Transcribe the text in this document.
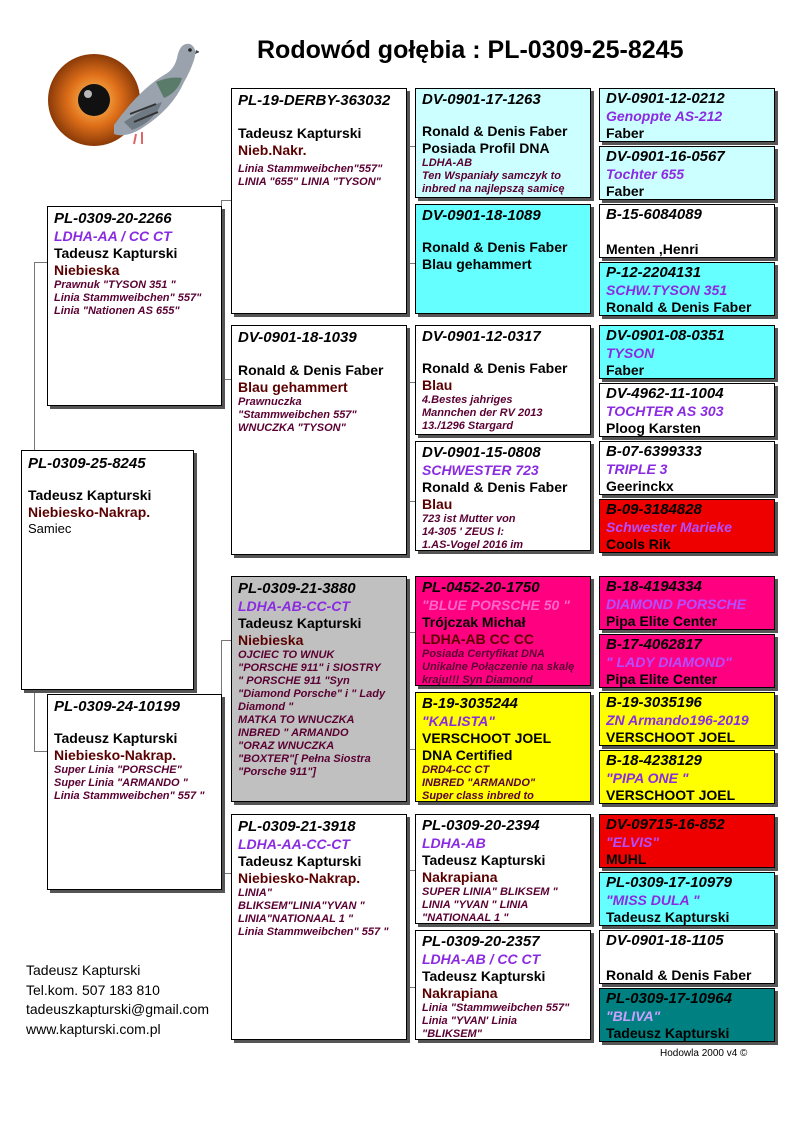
Rodowód gołębia : PL-0309-25-8245
PL-0309-25-8245
Tadeusz Kapturski
Niebiesko-Nakrap.
Samiec
PL-0309-20-2266
LDHA-AA / CC CT
Tadeusz Kapturski
Niebieska
Prawnuk "TYSON 351 "
Linia Stammweibchen" 557"
Linia "Nationen AS 655"
PL-0309-24-10199
Tadeusz Kapturski
Niebiesko-Nakrap.
Super Linia "PORSCHE"
Super Linia "ARMANDO "
Linia Stammweibchen" 557 "
PL-19-DERBY-363032
Tadeusz Kapturski
Nieb.Nakr.
Linia Stammweibchen"557"
LINIA "655" LINIA "TYSON"
DV-0901-18-1039
Ronald & Denis Faber
Blau gehammert
Prawnuczka
"Stammweibchen 557"
WNUCZKA "TYSON"
PL-0309-21-3880
LDHA-AB-CC-CT
Tadeusz Kapturski
Niebieska
OJCIEC TO WNUK
"PORSCHE 911" i SIOSTRY
" PORSCHE 911 "Syn
"Diamond Porsche" i " Lady
Diamond "
MATKA TO WNUCZKA
INBRED " ARMANDO
"ORAZ WNUCZKA
"BOXTER"[ Pełna Siostra
"Porsche 911"]
PL-0309-21-3918
LDHA-AA-CC-CT
Tadeusz Kapturski
Niebiesko-Nakrap.
LINIA"
BLIKSEM"LINIA"YVAN "
LINIA"NATIONAAL 1 "
Linia Stammweibchen" 557 "
DV-0901-17-1263
Ronald & Denis Faber
Posiada Profil DNA
LDHA-AB
Ten Wspaniały samczyk to
inbred na najlepszą samicę
DV-0901-18-1089
Ronald & Denis Faber
Blau gehammert
DV-0901-12-0317
Ronald & Denis Faber
Blau
4.Bestes jahriges
Mannchen der RV 2013
13./1296 Stargard
DV-0901-15-0808
SCHWESTER 723
Ronald & Denis Faber
Blau
723 ist Mutter von
14-305 ' ZEUS I:
1.AS-Vogel 2016 im
PL-0452-20-1750
"BLUE PORSCHE 50 "
Trójczak Michał
LDHA-AB CC CC
Posiada Certyfikat DNA
Unikalne Połączenie na skalę
kraju!!! Syn Diamond
B-19-3035244
"KALISTA"
VERSCHOOT JOEL
DNA Certified
DRD4-CC CT
INBRED "ARMANDO"
Super class inbred to
PL-0309-20-2394
LDHA-AB
Tadeusz Kapturski
Nakrapiana
SUPER LINIA" BLIKSEM "
LINIA "YVAN " LINIA
"NATIONAAL 1 "
PL-0309-20-2357
LDHA-AB / CC CT
Tadeusz Kapturski
Nakrapiana
Linia "Stammweibchen 557"
Linia "YVAN' Linia
"BLIKSEM"
DV-0901-12-0212
Genoppte AS-212
Faber
DV-0901-16-0567
Tochter 655
Faber
B-15-6084089
Menten ,Henri
P-12-2204131
SCHW.TYSON 351
Ronald & Denis Faber
DV-0901-08-0351
TYSON
Faber
DV-4962-11-1004
TOCHTER AS 303
Ploog Karsten
B-07-6399333
TRIPLE 3
Geerinckx
B-09-3184828
Schwester Marieke
Cools Rik
B-18-4194334
DIAMOND PORSCHE
Pipa Elite Center
B-17-4062817
" LADY DIAMOND"
Pipa Elite Center
B-19-3035196
ZN Armando196-2019
VERSCHOOT JOEL
B-18-4238129
"PIPA ONE "
VERSCHOOT JOEL
DV-09715-16-852
"ELVIS"
MUHL
PL-0309-17-10979
"MISS DULA "
Tadeusz Kapturski
DV-0901-18-1105
Ronald & Denis Faber
PL-0309-17-10964
"BLIVA"
Tadeusz Kapturski
Tadeusz Kapturski
Tel.kom. 507 183 810
tadeuszkapturski@gmail.com
www.kapturski.com.pl
Hodowla 2000 v4 ©
